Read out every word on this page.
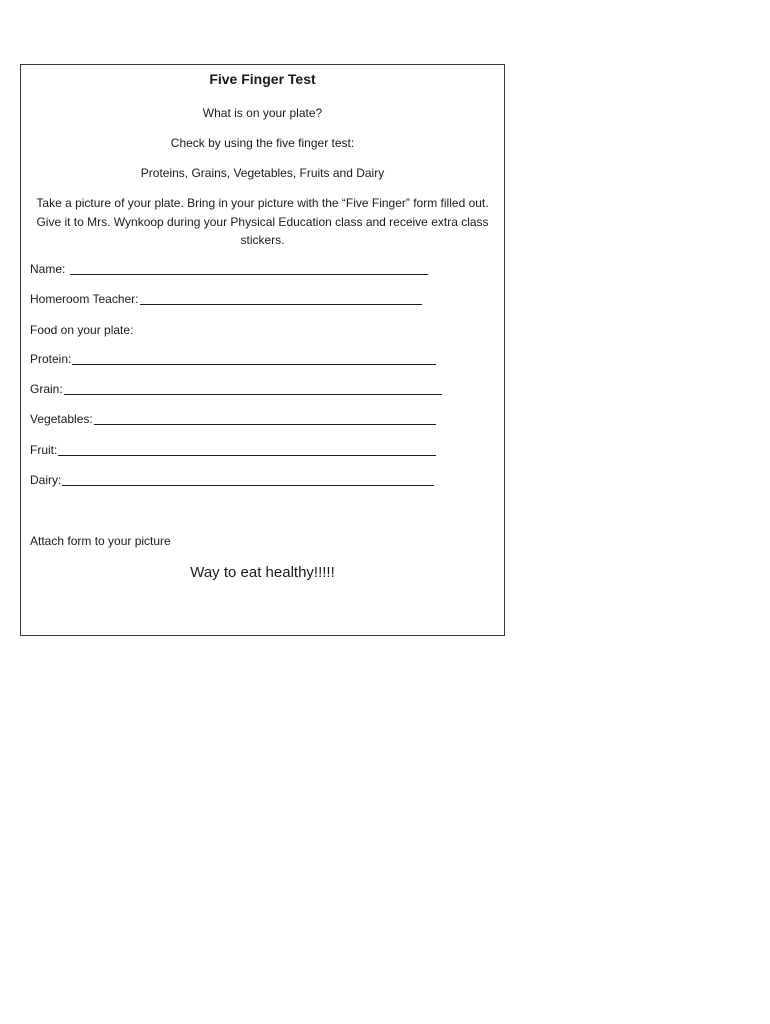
Five Finger Test
What is on your plate?
Check by using the five finger test:
Proteins, Grains, Vegetables, Fruits and Dairy
Take a picture of your plate. Bring in your picture with the “Five Finger” form filled out. Give it to Mrs. Wynkoop during your Physical Education class and receive extra class stickers.
Name:
Homeroom Teacher:
Food on your plate:
Protein:
Grain:
Vegetables:
Fruit:
Dairy:
Attach form to your picture
Way to eat healthy!!!!!
